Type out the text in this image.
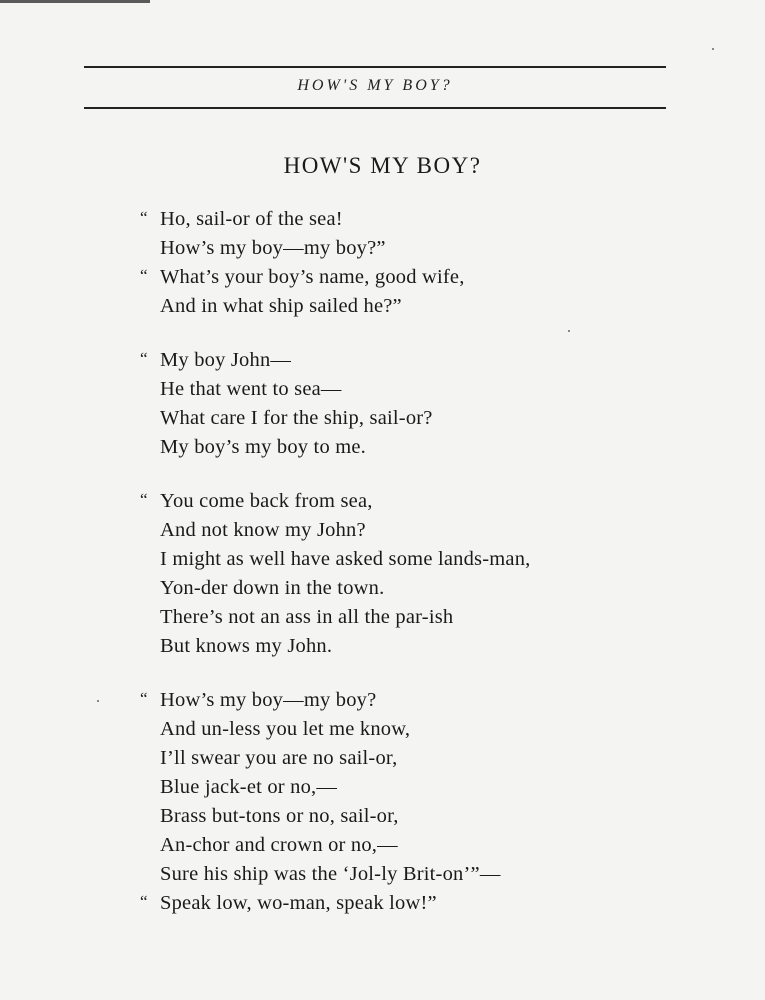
HOW'S MY BOY?
HOW'S MY BOY?
“ Ho, sail-or of the sea!
How’s my boy—my boy?”
“ What’s your boy’s name, good wife,
And in what ship sailed he?”
“ My boy John—
He that went to sea—
What care I for the ship, sail-or?
My boy’s my boy to me.
“ You come back from sea,
And not know my John?
I might as well have asked some lands-man,
Yon-der down in the town.
There’s not an ass in all the par-ish
But knows my John.
“ How’s my boy—my boy?
And un-less you let me know,
I’ll swear you are no sail-or,
Blue jack-et or no,—
Brass but-tons or no, sail-or,
An-chor and crown or no,—
Sure his ship was the ‘Jol-ly Brit-on’”—
“ Speak low, wo-man, speak low!”
